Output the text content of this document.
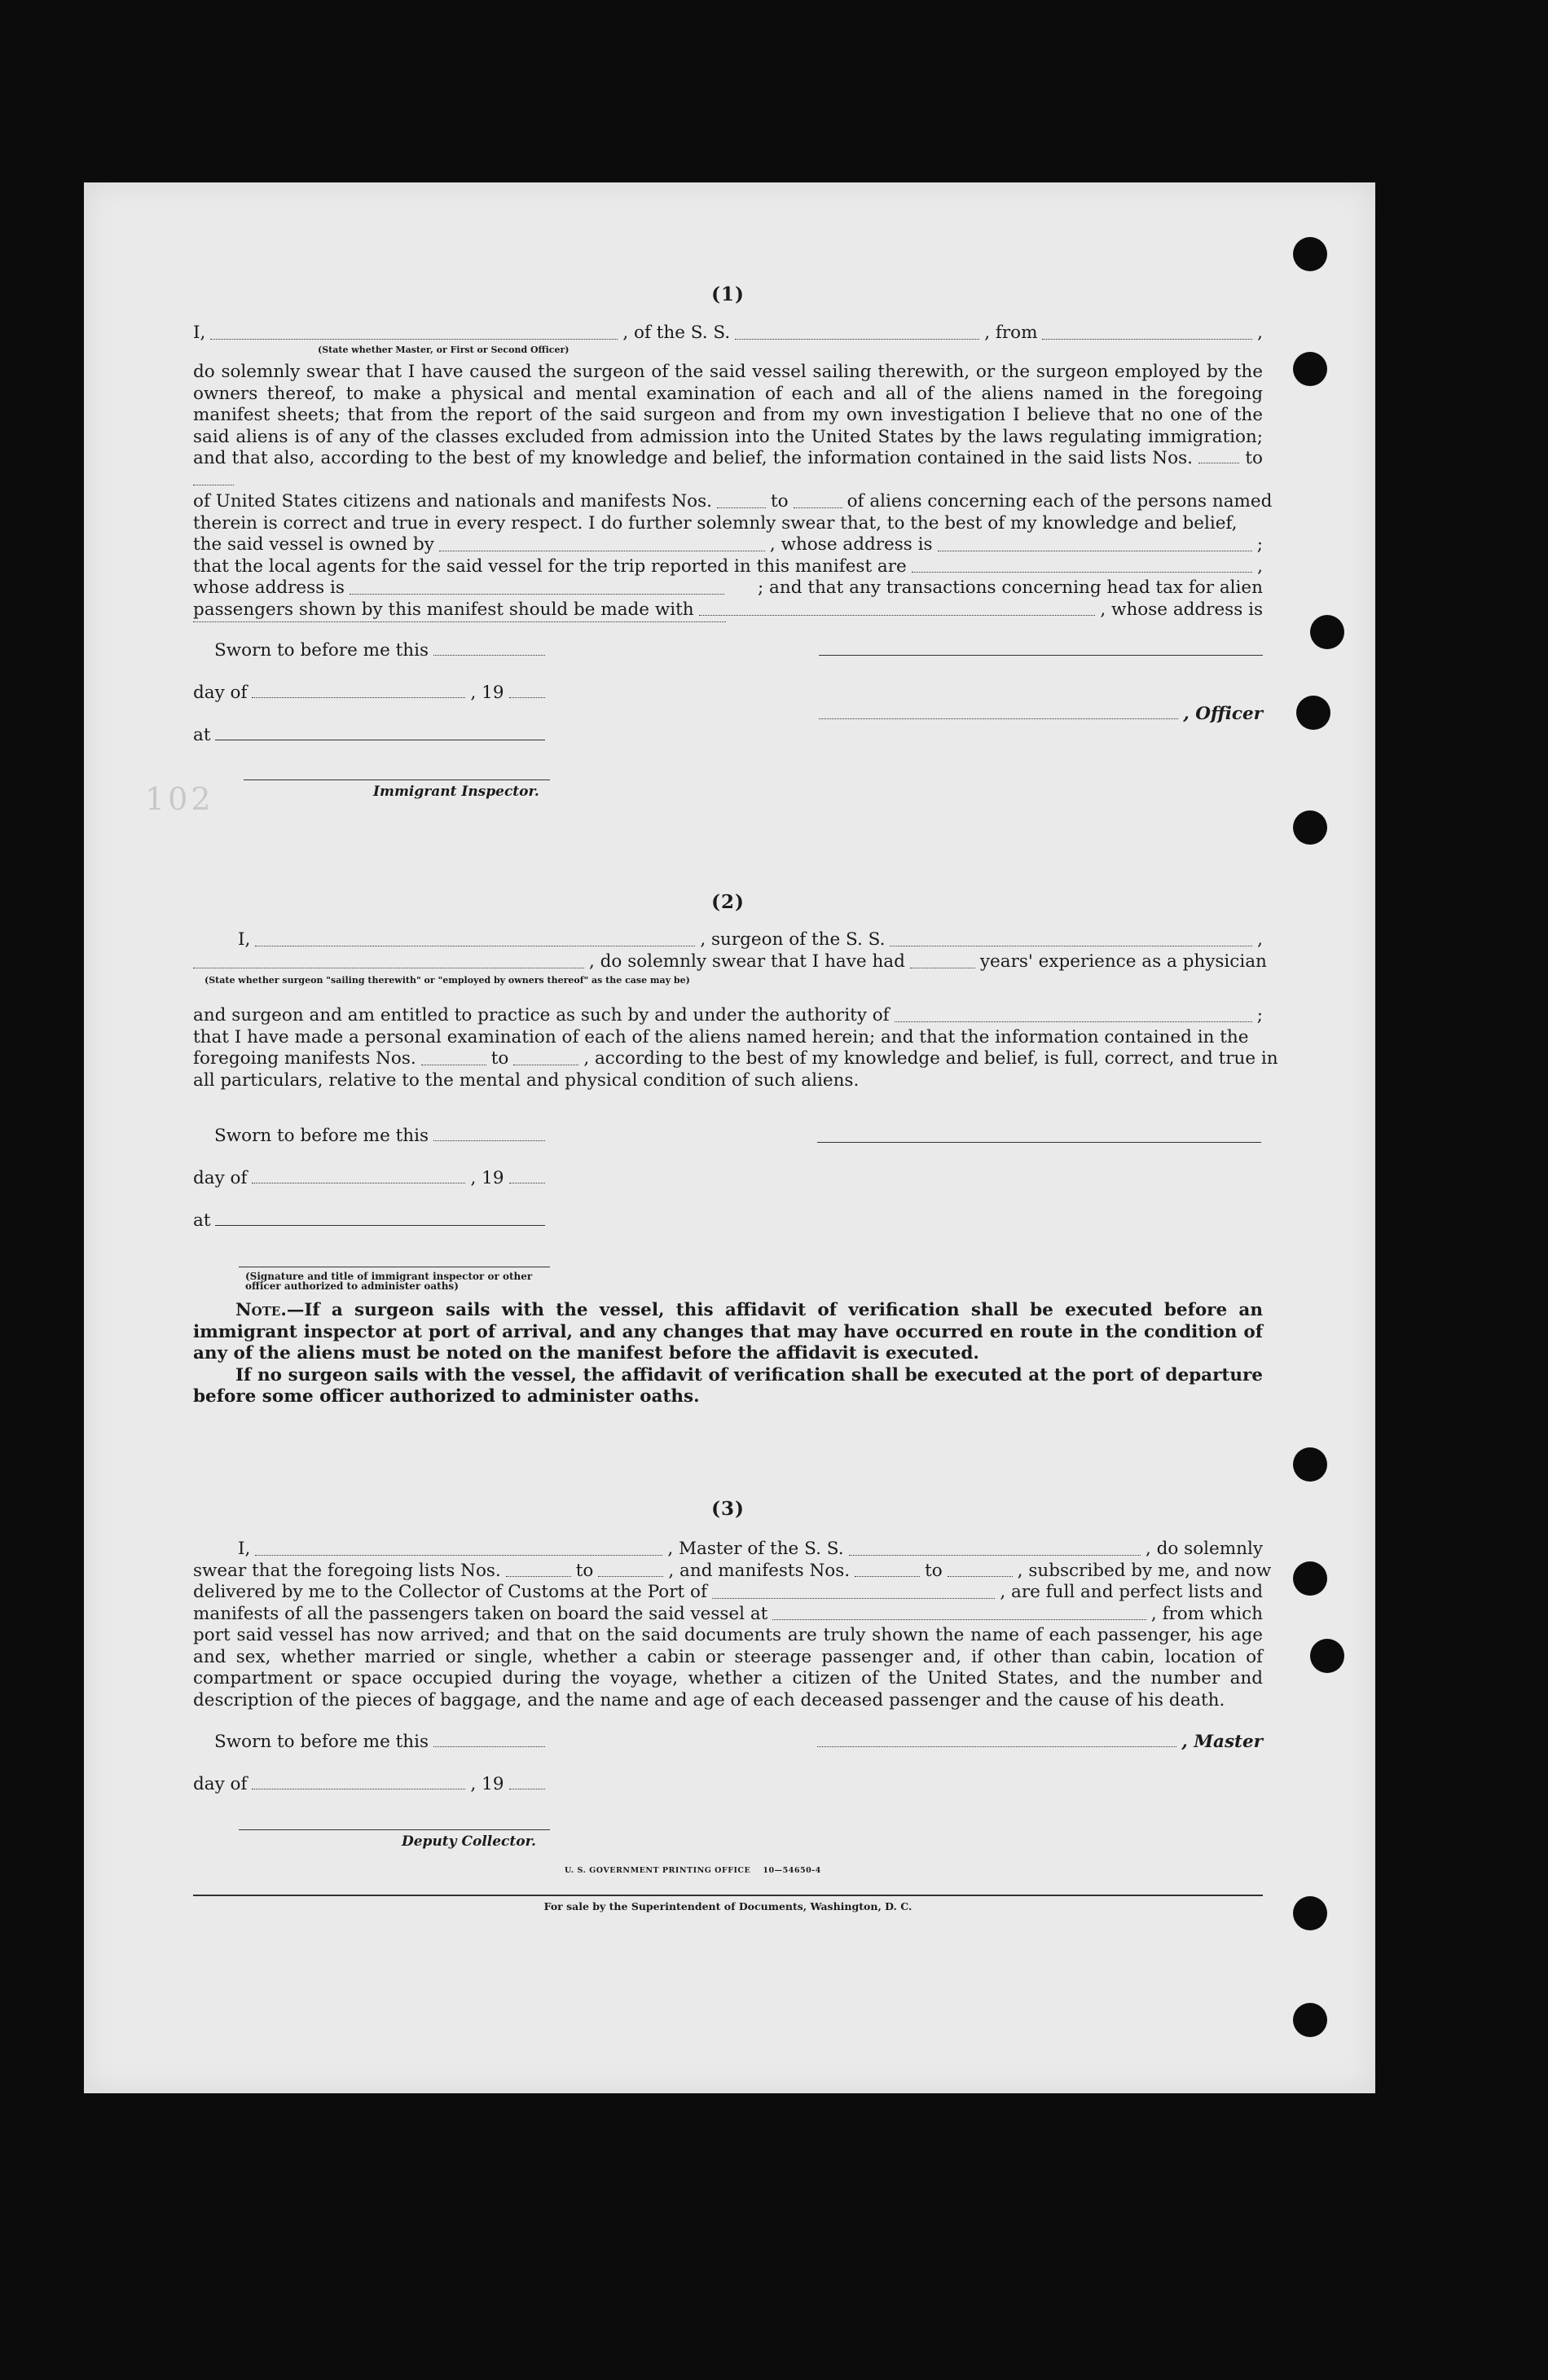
102
(1)
I,	, of the S. S.	, from	,
(State whether Master, or First or Second Officer)
do solemnly swear that I have caused the surgeon of the said vessel sailing therewith, or the surgeon employed by the owners thereof, to make a physical and mental examination of each and all of the aliens named in the foregoing manifest sheets; that from the report of the said surgeon and from my own investigation I believe that no one of the said aliens is of any of the classes excluded from admission into the United States by the laws regulating immigration; and that also, according to the best of my knowledge and belief, the information contained in the said lists Nos.	to
of United States citizens and nationals and manifests Nos.	to	of aliens concerning each of the persons named
therein is correct and true in every respect. I do further solemnly swear that, to the best of my knowledge and belief,
the said vessel is owned by	, whose address is	;
that the local agents for the said vessel for the trip reported in this manifest are	,
whose address is	; and that any transactions concerning head tax for alien
passengers shown by this manifest should be made with	, whose address is
Sworn to before me this
day of	, 19
, Officer
at
Immigrant Inspector.
(2)
I,	, surgeon of the S. S.	,
, do solemnly swear that I have had	years' experience as a physician
(State whether surgeon "sailing therewith" or "employed by owners thereof" as the case may be)
and surgeon and am entitled to practice as such by and under the authority of	;
that I have made a personal examination of each of the aliens named herein; and that the information contained in the
foregoing manifests Nos.	to	, according to the best of my knowledge and belief, is full, correct, and true in
all particulars, relative to the mental and physical condition of such aliens.
Sworn to before me this
day of	, 19
at
(Signature and title of immigrant inspector or other officer authorized to administer oaths)
Note.—If a surgeon sails with the vessel, this affidavit of verification shall be executed before an immigrant inspector at port of arrival, and any changes that may have occurred en route in the condition of any of the aliens must be noted on the manifest before the affidavit is executed.
If no surgeon sails with the vessel, the affidavit of verification shall be executed at the port of departure before some officer authorized to administer oaths.
(3)
I,	, Master of the S. S.	, do solemnly
swear that the foregoing lists Nos.	to	, and manifests Nos.	to	, subscribed by me, and now
delivered by me to the Collector of Customs at the Port of	, are full and perfect lists and
manifests of all the passengers taken on board the said vessel at	, from which
port said vessel has now arrived; and that on the said documents are truly shown the name of each passenger, his age and sex, whether married or single, whether a cabin or steerage passenger and, if other than cabin, location of compartment or space occupied during the voyage, whether a citizen of the United States, and the number and description of the pieces of baggage, and the name and age of each deceased passenger and the cause of his death.
Sworn to before me this	, Master
day of	, 19
Deputy Collector.
U. S. GOVERNMENT PRINTING OFFICE    10—54650-4
For sale by the Superintendent of Documents, Washington, D. C.
